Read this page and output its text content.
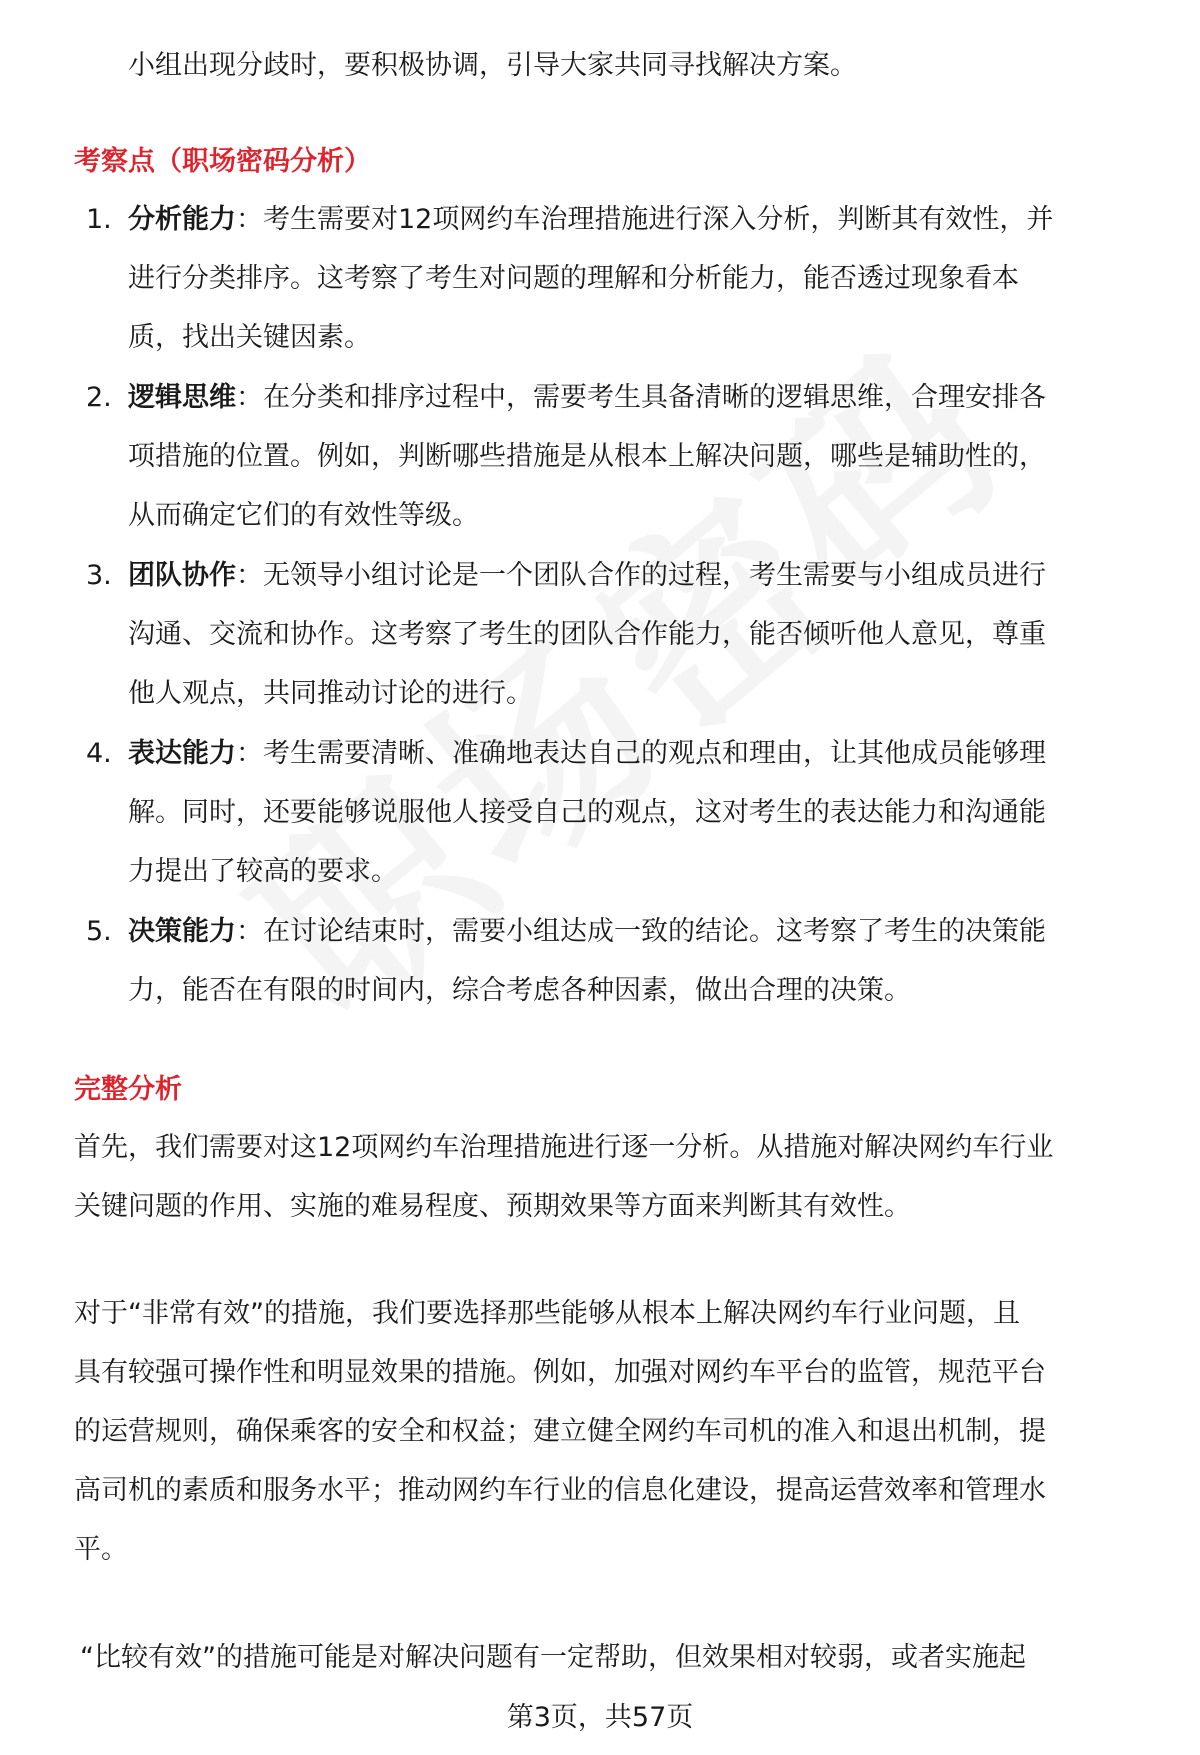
小组出现分歧时，要积极协调，引导大家共同寻找解决方案。
考察点（职场密码分析）
1. 分析能力：考生需要对12项网约车治理措施进行深入分析，判断其有效性，并
进行分类排序。这考察了考生对问题的理解和分析能力，能否透过现象看本
质，找出关键因素。
2. 逻辑思维：在分类和排序过程中，需要考生具备清晰的逻辑思维，合理安排各
项措施的位置。例如，判断哪些措施是从根本上解决问题，哪些是辅助性的，
从而确定它们的有效性等级。
3. 团队协作：无领导小组讨论是一个团队合作的过程，考生需要与小组成员进行
沟通、交流和协作。这考察了考生的团队合作能力，能否倾听他人意见，尊重
他人观点，共同推动讨论的进行。
4. 表达能力：考生需要清晰、准确地表达自己的观点和理由，让其他成员能够理
解。同时，还要能够说服他人接受自己的观点，这对考生的表达能力和沟通能
力提出了较高的要求。
5. 决策能力：在讨论结束时，需要小组达成一致的结论。这考察了考生的决策能
力，能否在有限的时间内，综合考虑各种因素，做出合理的决策。
完整分析
首先，我们需要对这12项网约车治理措施进行逐一分析。从措施对解决网约车行业
关键问题的作用、实施的难易程度、预期效果等方面来判断其有效性。
对于“非常有效”的措施，我们要选择那些能够从根本上解决网约车行业问题，且
具有较强可操作性和明显效果的措施。例如，加强对网约车平台的监管，规范平台
的运营规则，确保乘客的安全和权益；建立健全网约车司机的准入和退出机制，提
高司机的素质和服务水平；推动网约车行业的信息化建设，提高运营效率和管理水
平。
“比较有效”的措施可能是对解决问题有一定帮助，但效果相对较弱，或者实施起
第3页，共57页
